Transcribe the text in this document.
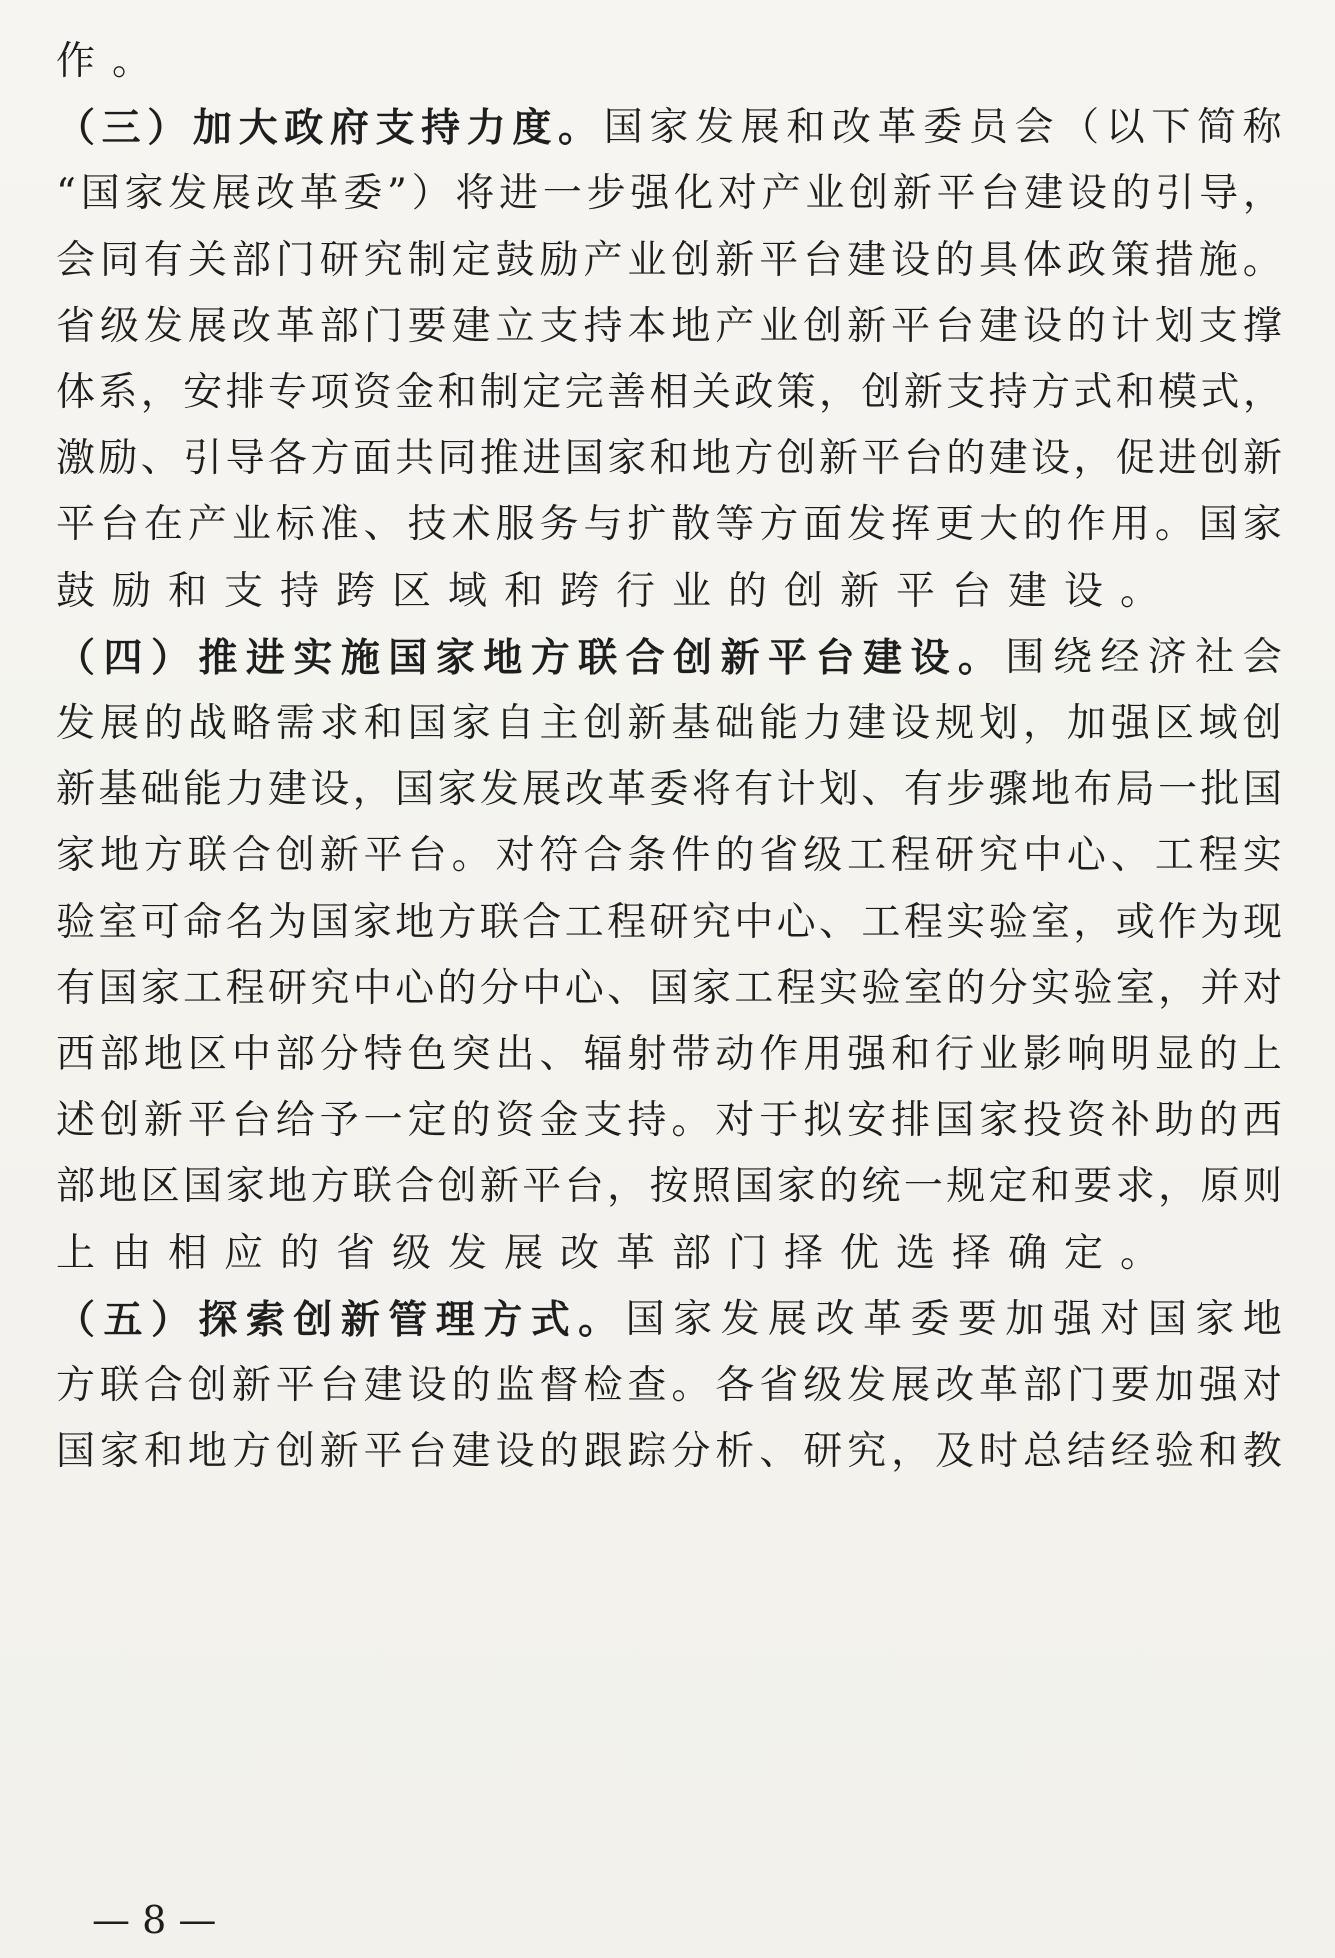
作。
（ 三 ） 加 大 政 府 支 持 力 度 。 国 家 发 展 和 改 革 委 员 会 （ 以 下 简 称
“ 国 家 发 展 改 革 委 ” ） 将 进 一 步 强 化 对 产 业 创 新 平 台 建 设 的 引 导 ，
会 同 有 关 部 门 研 究 制 定 鼓 励 产 业 创 新 平 台 建 设 的 具 体 政 策 措 施 。
省 级 发 展 改 革 部 门 要 建 立 支 持 本 地 产 业 创 新 平 台 建 设 的 计 划 支 撑
体 系 ， 安 排 专 项 资 金 和 制 定 完 善 相 关 政 策 ， 创 新 支 持 方 式 和 模 式 ，
激 励 、 引 导 各 方 面 共 同 推 进 国 家 和 地 方 创 新 平 台 的 建 设 ， 促 进 创 新
平 台 在 产 业 标 准 、 技 术 服 务 与 扩 散 等 方 面 发 挥 更 大 的 作 用 。 国 家
鼓励和支持跨区域和跨行业的创新平台建设。
（ 四 ） 推 进 实 施 国 家 地 方 联 合 创 新 平 台 建 设 。 围 绕 经 济 社 会
发 展 的 战 略 需 求 和 国 家 自 主 创 新 基 础 能 力 建 设 规 划 ， 加 强 区 域 创
新 基 础 能 力 建 设 ， 国 家 发 展 改 革 委 将 有 计 划 、 有 步 骤 地 布 局 一 批 国
家 地 方 联 合 创 新 平 台 。 对 符 合 条 件 的 省 级 工 程 研 究 中 心 、 工 程 实
验 室 可 命 名 为 国 家 地 方 联 合 工 程 研 究 中 心 、 工 程 实 验 室 ， 或 作 为 现
有 国 家 工 程 研 究 中 心 的 分 中 心 、 国 家 工 程 实 验 室 的 分 实 验 室 ， 并 对
西 部 地 区 中 部 分 特 色 突 出 、 辐 射 带 动 作 用 强 和 行 业 影 响 明 显 的 上
述 创 新 平 台 给 予 一 定 的 资 金 支 持 。 对 于 拟 安 排 国 家 投 资 补 助 的 西
部 地 区 国 家 地 方 联 合 创 新 平 台 ， 按 照 国 家 的 统 一 规 定 和 要 求 ， 原 则
上由相应的省级发展改革部门择优选择确定。
（ 五 ） 探 索 创 新 管 理 方 式 。 国 家 发 展 改 革 委 要 加 强 对 国 家 地
方 联 合 创 新 平 台 建 设 的 监 督 检 查 。 各 省 级 发 展 改 革 部 门 要 加 强 对
国 家 和 地 方 创 新 平 台 建 设 的 跟 踪 分 析 、 研 究 ， 及 时 总 结 经 验 和 教
— 8 —
